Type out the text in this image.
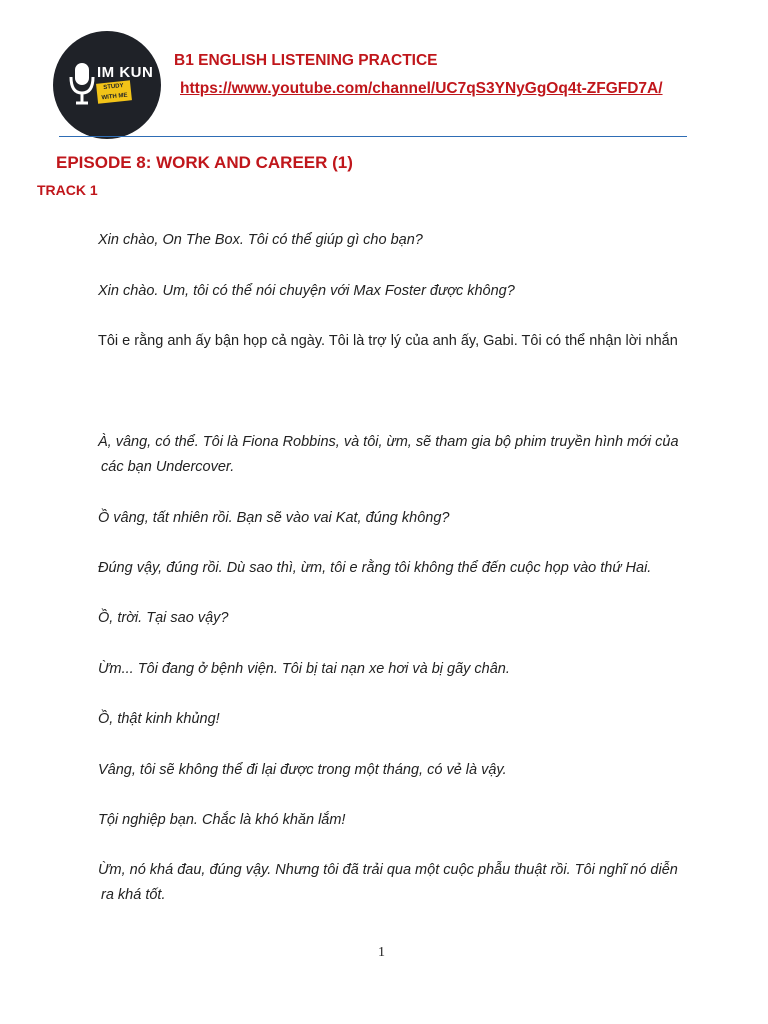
IM KUN
STUDY
WITH ME
B1 ENGLISH LISTENING PRACTICE
https://www.youtube.com/channel/UC7qS3YNyGgOq4t-ZFGFD7A/
EPISODE 8: WORK AND CAREER (1)
TRACK 1
Xin chào, On The Box. Tôi có thể giúp gì cho bạn?
Xin chào. Um, tôi có thể nói chuyện với Max Foster được không?
Tôi e rằng anh ấy bận họp cả ngày. Tôi là trợ lý của anh ấy, Gabi. Tôi có thể nhận lời nhắn
À, vâng, có thể. Tôi là Fiona Robbins, và tôi, ừm, sẽ tham gia bộ phim truyền hình mới của
các bạn Undercover.
Ồ vâng, tất nhiên rồi. Bạn sẽ vào vai Kat, đúng không?
Đúng vậy, đúng rồi. Dù sao thì, ừm, tôi e rằng tôi không thể đến cuộc họp vào thứ Hai.
Ồ, trời. Tại sao vậy?
Ừm... Tôi đang ở bệnh viện. Tôi bị tai nạn xe hơi và bị gãy chân.
Ồ, thật kinh khủng!
Vâng, tôi sẽ không thể đi lại được trong một tháng, có vẻ là vậy.
Tội nghiệp bạn. Chắc là khó khăn lắm!
Ừm, nó khá đau, đúng vậy. Nhưng tôi đã trải qua một cuộc phẫu thuật rồi. Tôi nghĩ nó diễn
ra khá tốt.
1
